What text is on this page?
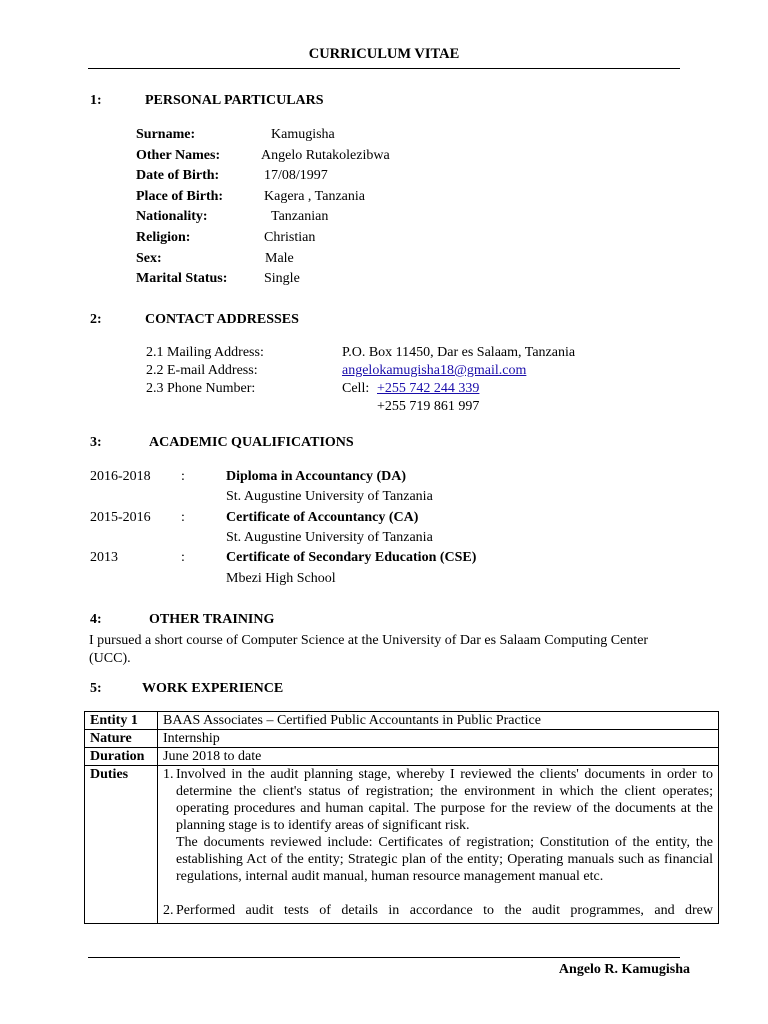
CURRICULUM VITAE
1:	PERSONAL PARTICULARS
Surname:	Kamugisha
Other Names:	Angelo Rutakolezibwa
Date of Birth:	17/08/1997
Place of Birth:	Kagera , Tanzania
Nationality:	Tanzanian
Religion:	Christian
Sex:	Male
Marital Status:	Single
2:	CONTACT ADDRESSES
2.1 Mailing Address:	P.O. Box 11450, Dar es Salaam, Tanzania
2.2 E-mail Address:	angelokamugisha18@gmail.com
2.3 Phone Number:	Cell: +255 742 244 339
+255 719 861 997
3:	ACADEMIC QUALIFICATIONS
2016-2018 :	Diploma in Accountancy (DA)
St. Augustine University of Tanzania
2015-2016 :	Certificate of Accountancy (CA)
St. Augustine University of Tanzania
2013	:	Certificate of Secondary Education (CSE)
Mbezi High School
4:	OTHER TRAINING
I pursued a short course of Computer Science at the University of Dar es Salaam Computing Center (UCC).
5:	WORK EXPERIENCE
Entity 1	BAAS Associates – Certified Public Accountants in Public Practice
Nature	Internship
Duration	June 2018 to date
Duties	1. Involved in the audit planning stage, whereby I reviewed the clients' documents in order to determine the client's status of registration; the environment in which the client operates; operating procedures and human capital. The purpose for the review of the documents at the planning stage is to identify areas of significant risk.
The documents reviewed include: Certificates of registration; Constitution of the entity, the establishing Act of the entity; Strategic plan of the entity; Operating manuals such as financial regulations, internal audit manual, human resource management manual etc.
2. Performed audit tests of details in accordance to the audit programmes, and drew
Angelo R. Kamugisha
